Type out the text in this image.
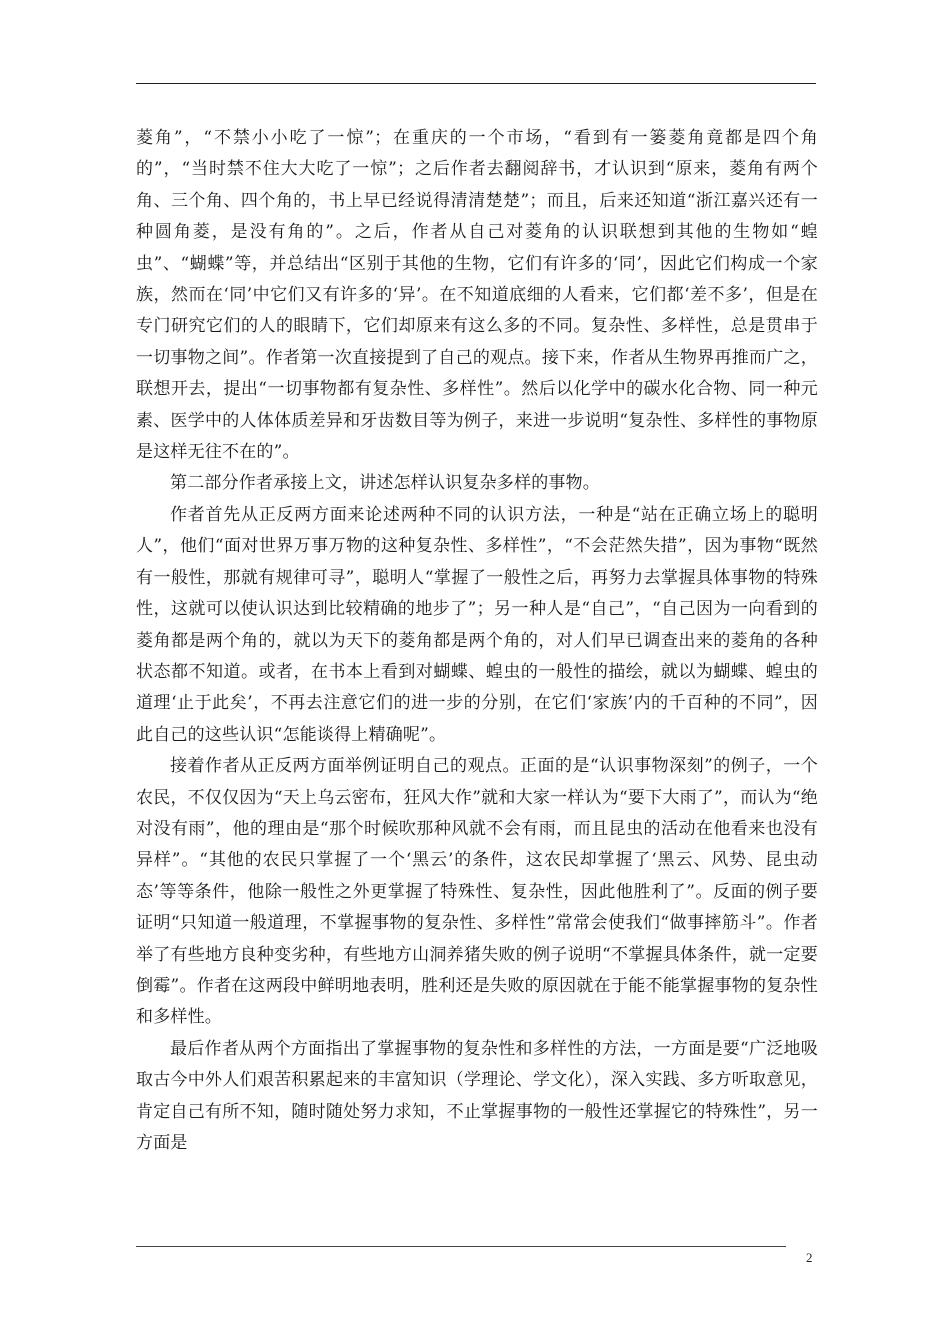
菱角”，“不禁小小吃了一惊”；在重庆的一个市场，“看到有一篓菱角竟都是四个角的”，“当时禁不住大大吃了一惊”；之后作者去翻阅辞书，才认识到“原来，菱角有两个角、三个角、四个角的，书上早已经说得清清楚楚”；而且，后来还知道“浙江嘉兴还有一种圆角菱，是没有角的”。之后，作者从自己对菱角的认识联想到其他的生物如“蝗虫”、“蝴蝶”等，并总结出“区别于其他的生物，它们有许多的‘同’，因此它们构成一个家族，然而在‘同’中它们又有许多的‘异’。在不知道底细的人看来，它们都‘差不多’，但是在专门研究它们的人的眼睛下，它们却原来有这么多的不同。复杂性、多样性，总是贯串于一切事物之间”。作者第一次直接提到了自己的观点。接下来，作者从生物界再推而广之，联想开去，提出“一切事物都有复杂性、多样性”。然后以化学中的碳水化合物、同一种元素、医学中的人体体质差异和牙齿数目等为例子，来进一步说明“复杂性、多样性的事物原是这样无往不在的”。

第二部分作者承接上文，讲述怎样认识复杂多样的事物。

作者首先从正反两方面来论述两种不同的认识方法，一种是“站在正确立场上的聪明人”，他们“面对世界万事万物的这种复杂性、多样性”，“不会茫然失措”，因为事物“既然有一般性，那就有规律可寻”，聪明人“掌握了一般性之后，再努力去掌握具体事物的特殊性，这就可以使认识达到比较精确的地步了”；另一种人是“自己”，“自己因为一向看到的菱角都是两个角的，就以为天下的菱角都是两个角的，对人们早已调查出来的菱角的各种状态都不知道。或者，在书本上看到对蝴蝶、蝗虫的一般性的描绘，就以为蝴蝶、蝗虫的道理‘止于此矣’，不再去注意它们的进一步的分别，在它们‘家族’内的千百种的不同”，因此自己的这些认识“怎能谈得上精确呢”。

接着作者从正反两方面举例证明自己的观点。正面的是“认识事物深刻”的例子，一个农民，不仅仅因为“天上乌云密布，狂风大作”就和大家一样认为“要下大雨了”，而认为“绝对没有雨”，他的理由是“那个时候吹那种风就不会有雨，而且昆虫的活动在他看来也没有异样”。“其他的农民只掌握了一个‘黑云’的条件，这农民却掌握了‘黑云、风势、昆虫动态’等等条件，他除一般性之外更掌握了特殊性、复杂性，因此他胜利了”。反面的例子要证明“只知道一般道理，不掌握事物的复杂性、多样性”常常会使我们“做事摔筋斗”。作者举了有些地方良种变劣种，有些地方山洞养猪失败的例子说明“不掌握具体条件，就一定要倒霉”。作者在这两段中鲜明地表明，胜利还是失败的原因就在于能不能掌握事物的复杂性和多样性。

最后作者从两个方面指出了掌握事物的复杂性和多样性的方法，一方面是要“广泛地吸取古今中外人们艰苦积累起来的丰富知识（学理论、学文化），深入实践、多方听取意见，肯定自己有所不知，随时随处努力求知，不止掌握事物的一般性还掌握它的特殊性”，另一方面是

2
